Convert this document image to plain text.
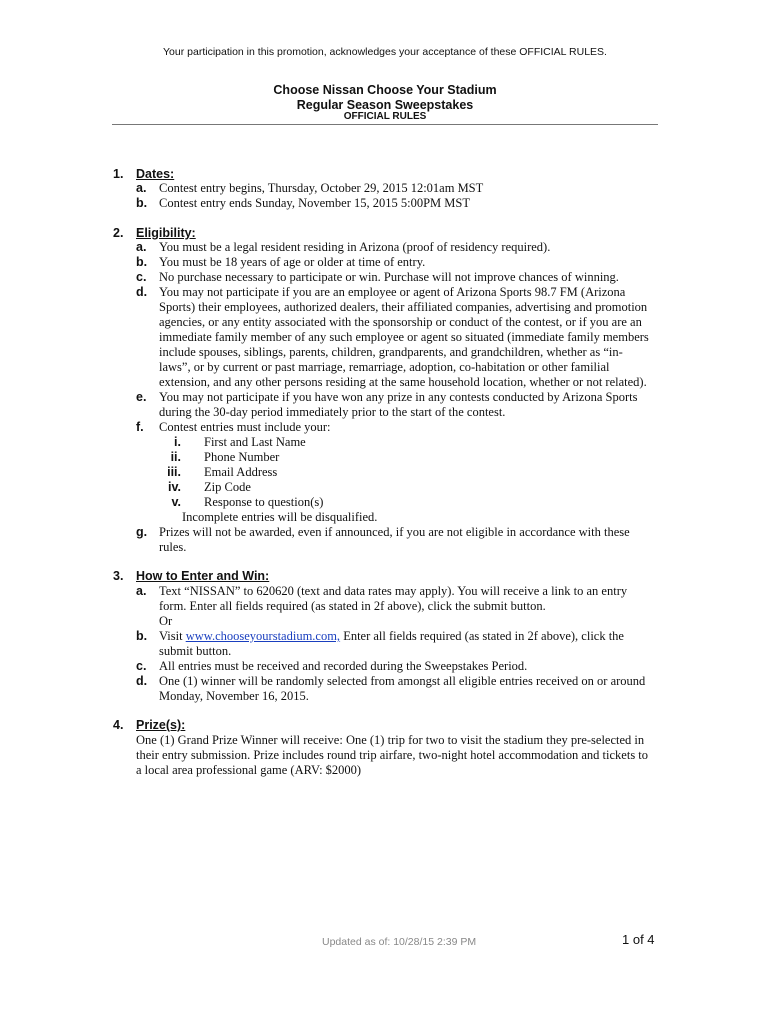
Your participation in this promotion, acknowledges your acceptance of these OFFICIAL RULES.
Choose Nissan Choose Your Stadium
Regular Season Sweepstakes
OFFICIAL RULES
1. Dates:
a. Contest entry begins, Thursday, October 29, 2015 12:01am MST
b. Contest entry ends Sunday, November 15, 2015 5:00PM MST
2. Eligibility:
a. You must be a legal resident residing in Arizona (proof of residency required).
b. You must be 18 years of age or older at time of entry.
c. No purchase necessary to participate or win. Purchase will not improve chances of winning.
d. You may not participate if you are an employee or agent of Arizona Sports 98.7 FM (Arizona
Sports) their employees, authorized dealers, their affiliated companies, advertising and promotion
agencies, or any entity associated with the sponsorship or conduct of the contest, or if you are an
immediate family member of any such employee or agent so situated (immediate family members
include spouses, siblings, parents, children, grandparents, and grandchildren, whether as “in-
laws”, or by current or past marriage, remarriage, adoption, co-habitation or other familial
extension, and any other persons residing at the same household location, whether or not related).
e. You may not participate if you have won any prize in any contests conducted by Arizona Sports
during the 30-day period immediately prior to the start of the contest.
f. Contest entries must include your:
i. First and Last Name
ii. Phone Number
iii. Email Address
iv. Zip Code
v. Response to question(s)
Incomplete entries will be disqualified.
g. Prizes will not be awarded, even if announced, if you are not eligible in accordance with these
rules.
3. How to Enter and Win:
a. Text “NISSAN” to 620620 (text and data rates may apply). You will receive a link to an entry
form. Enter all fields required (as stated in 2f above), click the submit button.
Or
b. Visit www.chooseyourstadium.com, Enter all fields required (as stated in 2f above), click the
submit button.
c. All entries must be received and recorded during the Sweepstakes Period.
d. One (1) winner will be randomly selected from amongst all eligible entries received on or around
Monday, November 16, 2015.
4. Prize(s):
One (1) Grand Prize Winner will receive: One (1) trip for two to visit the stadium they pre-selected in
their entry submission. Prize includes round trip airfare, two-night hotel accommodation and tickets to
a local area professional game (ARV: $2000)
Updated as of: 10/28/15 2:39 PM	1 of 4
